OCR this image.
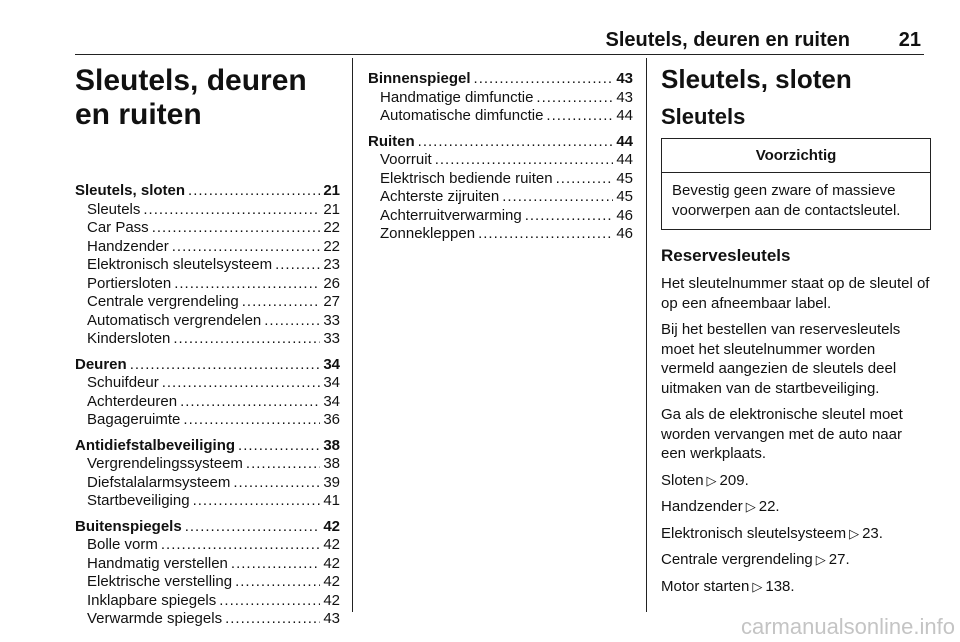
Sleutels, deuren en ruiten 21
Sleutels, deuren en ruiten
Sleutels, sloten .....	21
Sleutels .....	21
Car Pass .....	22
Handzender .....	22
Elektronisch sleutelsysteem .....	23
Portiersloten .....	26
Centrale vergrendeling .....	27
Automatisch vergrendelen .....	33
Kindersloten .....	33
Deuren .....	34
Schuifdeur .....	34
Achterdeuren .....	34
Bagageruimte .....	36
Antidiefstalbeveiliging .....	38
Vergrendelingssysteem .....	38
Diefstalalarmsysteem .....	39
Startbeveiliging .....	41
Buitenspiegels .....	42
Bolle vorm .....	42
Handmatig verstellen .....	42
Elektrische verstelling .....	42
Inklapbare spiegels .....	42
Verwarmde spiegels .....	43
Binnenspiegel .....	43
Handmatige dimfunctie .....	43
Automatische dimfunctie .....	44
Ruiten .....	44
Voorruit .....	44
Elektrisch bediende ruiten .....	45
Achterste zijruiten .....	45
Achterruitverwarming .....	46
Zonnekleppen .....	46
Sleutels, sloten
Sleutels
Voorzichtig
Bevestig geen zware of massieve voorwerpen aan de contactsleutel.
Reservesleutels

Het sleutelnummer staat op de sleutel of op een afneembaar label.

Bij het bestellen van reservesleutels moet het sleutelnummer worden vermeld aangezien de sleutels deel uitmaken van de startbeveiliging.

Ga als de elektronische sleutel moet worden vervangen met de auto naar een werkplaats.

Sloten ▷ 209.

Handzender ▷ 22.

Elektronisch sleutelsysteem ▷ 23.

Centrale vergrendeling ▷ 27.

Motor starten ▷ 138.

carmanualsonline.info
